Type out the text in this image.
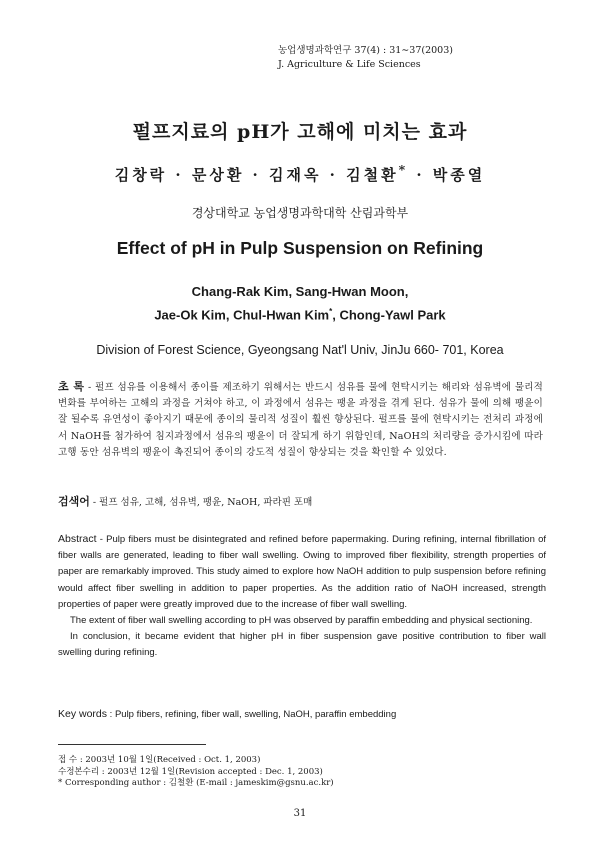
농업생명과학연구 37(4) : 31∼37(2003)
J. Agriculture & Life Sciences
펄프지료의 pH가 고해에 미치는 효과
김창락 · 문상환 · 김재옥 · 김철환* · 박종열
경상대학교 농업생명과학대학 산림과학부
Effect of pH in Pulp Suspension on Refining
Chang-Rak Kim, Sang-Hwan Moon,
Jae-Ok Kim, Chul-Hwan Kim*, Chong-Yawl Park
Division of Forest Science, Gyeongsang Nat'l Univ, JinJu 660- 701, Korea
초 록 - 펄프 섬유를 이용해서 종이를 제조하기 위해서는 반드시 섬유를 물에 현탁시키는 해리와 섬유벽에 물리적 변화를 부여하는 고해의 과정을 거쳐야 하고, 이 과정에서 섬유는 팽윤 과정을 겪게 된다. 섬유가 물에 의해 팽윤이 잘 될수록 유연성이 좋아지기 때문에 종이의 물리적 성질이 훨씬 향상된다. 펄프를 물에 현탁시키는 전처리 과정에서 NaOH를 첨가하여 침지과정에서 섬유의 팽윤이 더 잘되게 하기 위함인데, NaOH의 처리량을 증가시킴에 따라 고행 동안 섬유벽의 팽윤이 촉진되어 종이의 강도적 성질이 향상되는 것을 확인할 수 있었다.
검색어 - 펄프 섬유, 고해, 섬유벽, 팽윤, NaOH, 파라핀 포매

Abstract - Pulp fibers must be disintegrated and refined before papermaking. During refining, internal fibrillation of fiber walls are generated, leading to fiber wall swelling. Owing to improved fiber flexibility, strength properties of paper are remarkably improved. This study aimed to explore how NaOH addition to pulp suspension before refining would affect fiber swelling in addition to paper properties. As the addition ratio of NaOH increased, strength properties of paper were greatly improved due to the increase of fiber wall swelling.

The extent of fiber wall swelling according to pH was observed by paraffin embedding and physical sectioning.

In conclusion, it became evident that higher pH in fiber suspension gave positive contribution to fiber wall swelling during refining.

Key words : Pulp fibers, refining, fiber wall, swelling, NaOH, paraffin embedding
접 수 : 2003년 10월 1일(Received : Oct. 1, 2003)
수정본수리 : 2003년 12월 1일(Revision accepted : Dec. 1, 2003)
* Corresponding author : 김철환 (E-mail : jameskim@gsnu.ac.kr)
31
